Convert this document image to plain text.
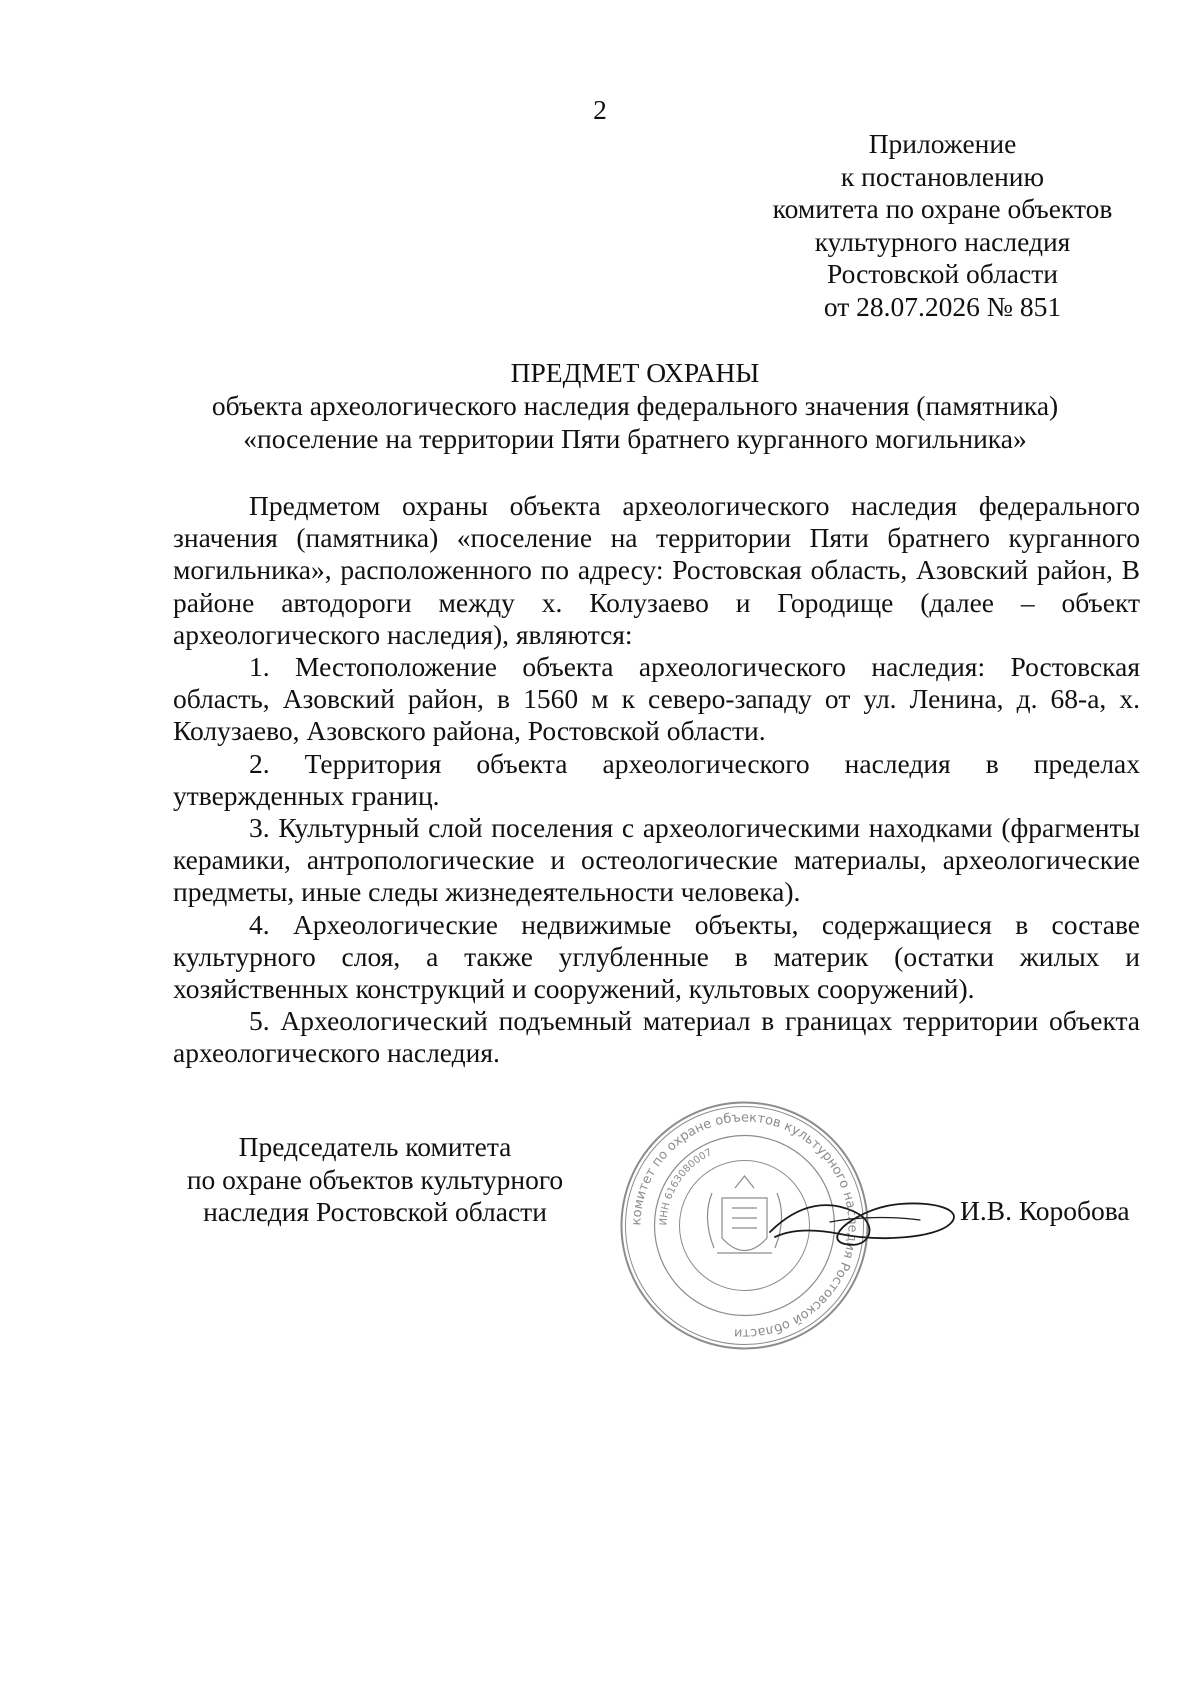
2
Приложение
к постановлению
комитета по охране объектов
культурного наследия
Ростовской области
от 28.07.2026 № 851
ПРЕДМЕТ ОХРАНЫ
объекта археологического наследия федерального значения (памятника)
«поселение на территории Пяти братнего курганного могильника»

Предметом охраны объекта археологического наследия федерального значения (памятника) «поселение на территории Пяти братнего курганного могильника», расположенного по адресу: Ростовская область, Азовский район, В районе автодороги между х. Колузаево и Городище (далее – объект археологического наследия), являются:

1. Местоположение объекта археологического наследия: Ростовская область, Азовский район, в 1560 м к северо-западу от ул. Ленина, д. 68-а, х. Колузаево, Азовского района, Ростовской области.

2. Территория объекта археологического наследия в пределах утвержденных границ.

3. Культурный слой поселения с археологическими находками (фрагменты керамики, антропологические и остеологические материалы, археологические предметы, иные следы жизнедеятельности человека).

4. Археологические недвижимые объекты, содержащиеся в составе культурного слоя, а также углубленные в материк (остатки жилых и хозяйственных конструкций и сооружений, культовых сооружений).

5. Археологический подъемный материал в границах территории объекта археологического наследия.

Председатель комитета
по охране объектов культурного
наследия Ростовской области	комитет по охране объектов культурного наследия Ростовской области
ИНН 6163080007
И.В. Коробова
